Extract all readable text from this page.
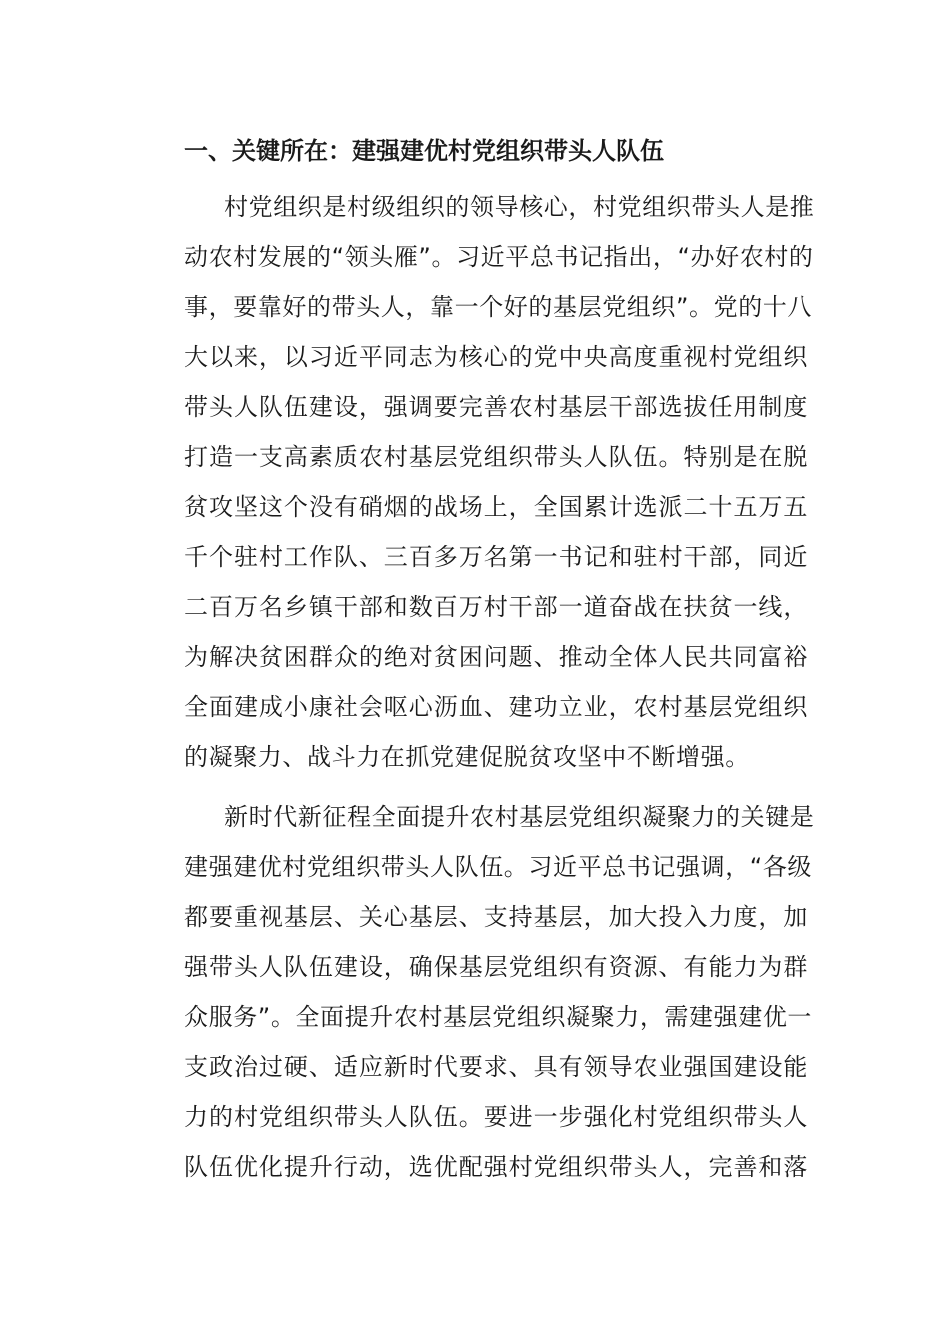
一、关键所在：建强建优村党组织带头人队伍
村党组织是村级组织的领导核心，村党组织带头人是推
动农村发展的“领头雁”。习近平总书记指出，“办好农村的
事，要靠好的带头人，靠一个好的基层党组织”。党的十八
大以来，以习近平同志为核心的党中央高度重视村党组织
带头人队伍建设，强调要完善农村基层干部选拔任用制度
打造一支高素质农村基层党组织带头人队伍。特别是在脱
贫攻坚这个没有硝烟的战场上，全国累计选派二十五万五
千个驻村工作队、三百多万名第一书记和驻村干部，同近
二百万名乡镇干部和数百万村干部一道奋战在扶贫一线，
为解决贫困群众的绝对贫困问题、推动全体人民共同富裕
全面建成小康社会呕心沥血、建功立业，农村基层党组织
的凝聚力、战斗力在抓党建促脱贫攻坚中不断增强。
新时代新征程全面提升农村基层党组织凝聚力的关键是
建强建优村党组织带头人队伍。习近平总书记强调，“各级
都要重视基层、关心基层、支持基层，加大投入力度，加
强带头人队伍建设，确保基层党组织有资源、有能力为群
众服务”。全面提升农村基层党组织凝聚力，需建强建优一
支政治过硬、适应新时代要求、具有领导农业强国建设能
力的村党组织带头人队伍。要进一步强化村党组织带头人
队伍优化提升行动，选优配强村党组织带头人，完善和落
